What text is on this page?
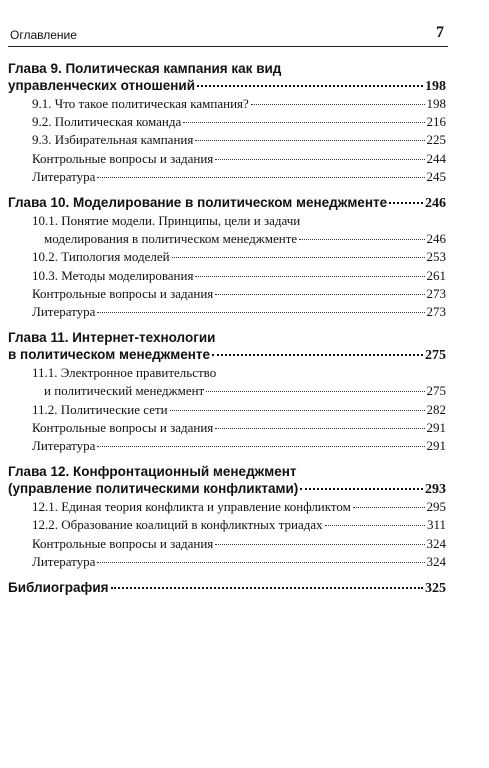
Оглавление	7
Глава 9. Политическая кампания как вид
управленческих отношений	198
9.1. Что такое политическая кампания?	198
9.2. Политическая команда	216
9.3. Избирательная кампания	225
Контрольные вопросы и задания	244
Литература	245
Глава 10. Моделирование в политическом менеджменте	246
10.1. Понятие модели. Принципы, цели и задачи
моделирования в политическом менеджменте	246
10.2. Типология моделей	253
10.3. Методы моделирования	261
Контрольные вопросы и задания	273
Литература	273
Глава 11. Интернет-технологии
в политическом менеджменте	275
11.1. Электронное правительство
и политический менеджмент	275
11.2. Политические сети	282
Контрольные вопросы и задания	291
Литература	291
Глава 12. Конфронтационный менеджмент
(управление политическими конфликтами)	293
12.1. Единая теория конфликта и управление конфликтом	295
12.2. Образование коалиций в конфликтных триадах	311
Контрольные вопросы и задания	324
Литература	324
Библиография	325
